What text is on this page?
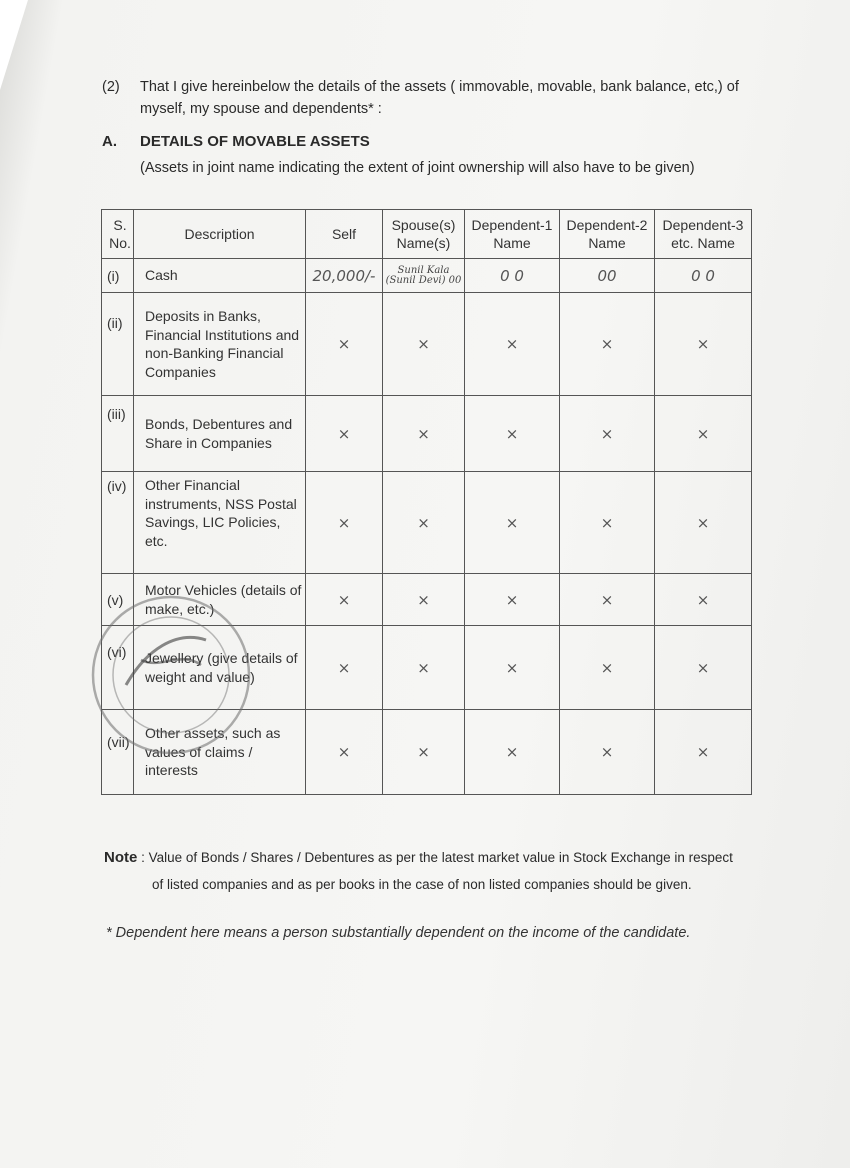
(2) That I give hereinbelow the details of the assets ( immovable, movable, bank balance, etc,) of myself, my spouse and dependents* :
A. DETAILS OF MOVABLE ASSETS
(Assets in joint name indicating the extent of joint ownership will also have to be given)
S. No.	Description	Self	Spouse(s) Name(s)	Dependent-1 Name	Dependent-2 Name	Dependent-3 etc. Name
(i)	Cash	20,000/-	Sunil Kala (Sunil Devi) 00	0 0	00	0 0
(ii)	Deposits in Banks, Financial Institutions and non-Banking Financial Companies	×	×	×	×	×
(iii)	Bonds, Debentures and Share in Companies	×	×	×	×	×
(iv)	Other Financial instruments, NSS Postal Savings, LIC Policies, etc.	×	×	×	×	×
(v)	Motor Vehicles (details of make, etc.)	×	×	×	×	×
(vi)	Jewellery (give details of weight and value)	×	×	×	×	×
(vii)	Other assets, such as values of claims / interests	×	×	×	×	×
Note : Value of Bonds / Shares / Debentures as per the latest market value in Stock Exchange in respect
of listed companies and as per books in the case of non listed companies should be given.
* Dependent here means a person substantially dependent on the income of the candidate.
